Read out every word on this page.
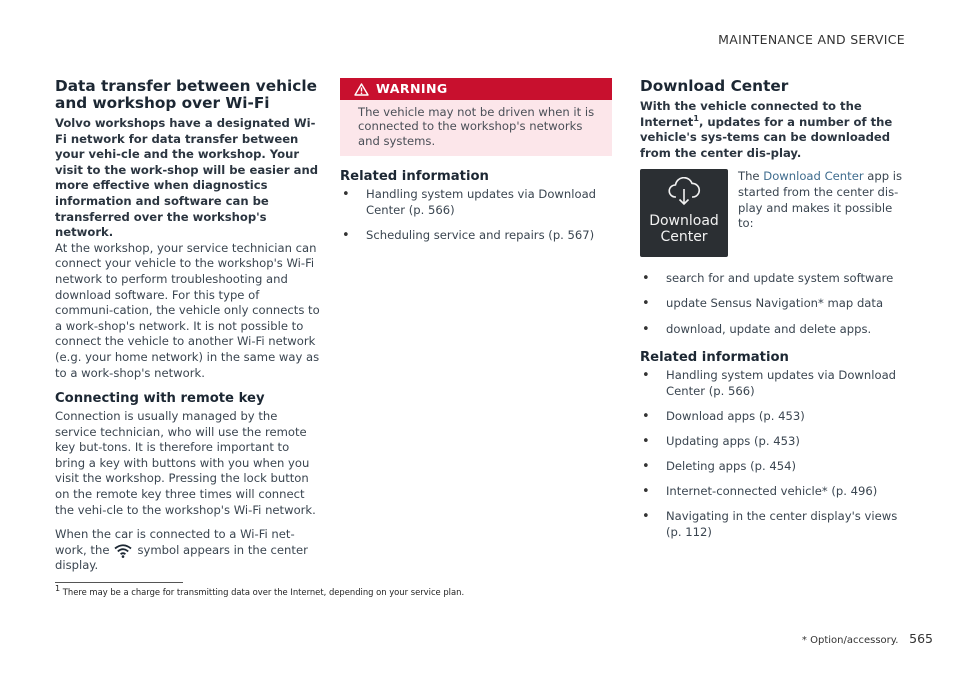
MAINTENANCE AND SERVICE
Data transfer between vehicle and workshop over Wi-Fi

Volvo workshops have a designated Wi-Fi network for data transfer between your vehi-cle and the workshop. Your visit to the work-shop will be easier and more effective when diagnostics information and software can be transferred over the workshop's network.

At the workshop, your service technician can connect your vehicle to the workshop's Wi-Fi network to perform troubleshooting and download software. For this type of communi-cation, the vehicle only connects to a work-shop's network. It is not possible to connect the vehicle to another Wi-Fi network (e.g. your home network) in the same way as to a work-shop's network.

Connecting with remote key

Connection is usually managed by the service technician, who will use the remote key but-tons. It is therefore important to bring a key with buttons with you when you visit the workshop. Pressing the lock button on the remote key three times will connect the vehi-cle to the workshop's Wi-Fi network.

When the car is connected to a Wi-Fi net-work, the symbol appears in the center display.

WARNING
The vehicle may not be driven when it is connected to the workshop's networks and systems.
Related information
• Handling system updates via Download Center (p. 566)
• Scheduling service and repairs (p. 567)
Download Center

With the vehicle connected to the Internet$^1$, updates for a number of the vehicle's sys-tems can be downloaded from the center dis-play.

Download
Center
The Download Center app is started from the center dis-play and makes it possible to:
• search for and update system software
• update Sensus Navigation* map data
• download, update and delete apps.
Related information
• Handling system updates via Download Center (p. 566)
• Download apps (p. 453)
• Updating apps (p. 453)
• Deleting apps (p. 454)
• Internet-connected vehicle* (p. 496)
• Navigating in the center display's views (p. 112)
$^1$ There may be a charge for transmitting data over the Internet, depending on your service plan.
* Option/accessory. 565
